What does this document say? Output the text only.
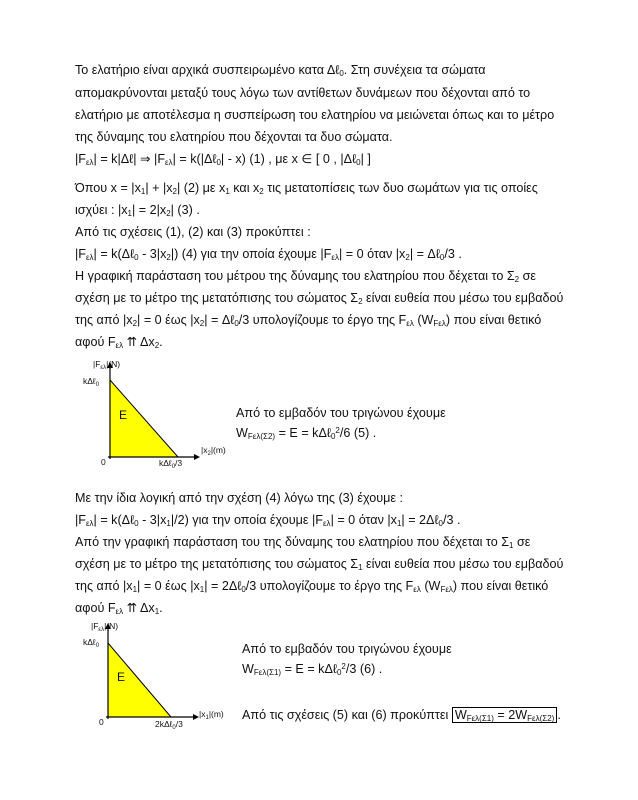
Το ελατήριο είναι αρχικά συσπειρωμένο κατα Δℓ$_0$. Στη συνέχεια τα σώματα
απομακρύνονται μεταξύ τους λόγω των αντίθετων δυνάμεων που δέχονται από το
ελατήριο με αποτέλεσμα η συσπείρωση του ελατηρίου να μειώνεται όπως και το μέτρο
της δύναμης του ελατηρίου που δέχονται τα δυο σώματα.
$|F_{\varepsilon\lambda}|$ = k|Δℓ| ⇒ $|F_{\varepsilon\lambda}|$ = k(|Δℓ$_0$| - x) (1) , με x ∈ [ 0 , |Δℓ$_0$| ]
Όπου $x = |x_1| + |x_2|$ (2) με $x_1$ και $x_2$ τις μετατοπίσεις των δυο σωμάτων για τις οποίες
ισχύει : $|x_1| = 2|x_2|$ (3) .
Από τις σχέσεις (1), (2) και (3) προκύπτει :
$|F_{\varepsilon\lambda}|$ = k(Δℓ$_0$ - $3|x_2|$) (4) για την οποία έχουμε $|F_{\varepsilon\lambda}| = 0$ όταν $|x_2|$ = Δℓ$_0$/3 .
Η γραφική παράσταση του μέτρου της δύναμης του ελατηρίου που δέχεται το $\Sigma_2$ σε
σχέση με το μέτρο της μετατόπισης του σώματος $\Sigma_2$ είναι ευθεία που μέσω του εμβαδού
της από $|x_2| = 0$ έως $|x_2|$ = Δℓ$_0$/3 υπολογίζουμε το έργο της $F_{\varepsilon\lambda}$ $(W_{F\varepsilon\lambda})$ που είναι θετικό
αφού $F_{\varepsilon\lambda}$ ⇈ $\Delta x_2$.
$|F_{\varepsilon\lambda}|(N)$
kΔℓ$_0$
$|x_2|(m)$
kΔℓ$_0$/3
0
E	Από το εμβαδόν του τριγώνου έχουμε
$W_{F\varepsilon\lambda(\Sigma 2)} = E$ = kΔℓ$_0^2$/6 (5) .
Με την ίδια λογική από την σχέση (4) λόγω της (3) έχουμε :
$|F_{\varepsilon\lambda}|$ = k(Δℓ$_0$ - $3|x_1|/2$) για την οποία έχουμε $|F_{\varepsilon\lambda}| = 0$ όταν $|x_1|$ = 2Δℓ$_0$/3 .
Από την γραφική παράσταση του της δύναμης του ελατηρίου που δέχεται το $\Sigma_1$ σε
σχέση με το μέτρο της μετατόπισης του σώματος $\Sigma_1$ είναι ευθεία που μέσω του εμβαδού
της από $|x_1| = 0$ έως $|x_1|$ = 2Δℓ$_0$/3 υπολογίζουμε το έργο της $F_{\varepsilon\lambda}$ $(W_{F\varepsilon\lambda})$ που είναι θετικό
αφού $F_{\varepsilon\lambda}$ ⇈ $\Delta x_1$.
$|F_{\varepsilon\lambda}|(N)$
kΔℓ$_0$
$|x_1|(m)$
2kΔℓ$_0$/3
0
E
Από το εμβαδόν του τριγώνου έχουμε
$W_{F\varepsilon\lambda(\Sigma 1)} = E$ = kΔℓ$_0^2$/3 (6) .
Από τις σχέσεις (5) και (6) προκύπτει $W_{F\varepsilon\lambda(\Sigma 1)} = 2W_{F\varepsilon\lambda(\Sigma 2)}$ .
